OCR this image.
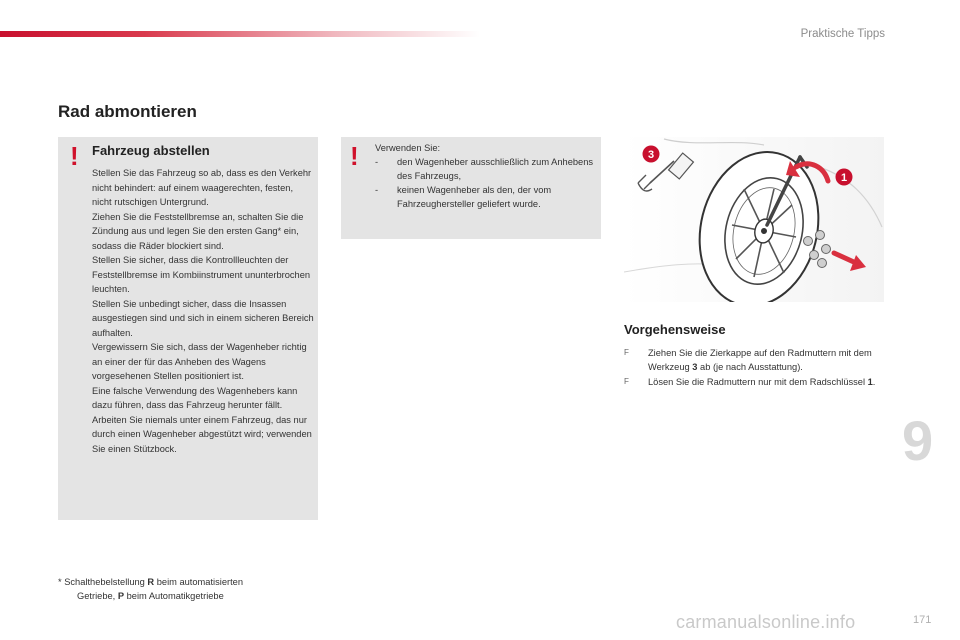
Praktische Tipps
Rad abmontieren
! Fahrzeug abstellen

Stellen Sie das Fahrzeug so ab, dass es den Verkehr nicht behindert: auf einem waagerechten, festen, nicht rutschigen Untergrund.

Ziehen Sie die Feststellbremse an, schalten Sie die Zündung aus und legen Sie den ersten Gang* ein, sodass die Räder blockiert sind.

Stellen Sie sicher, dass die Kontrollleuchten der Feststellbremse im Kombiinstrument ununterbrochen leuchten.

Stellen Sie unbedingt sicher, dass die Insassen ausgestiegen sind und sich in einem sicheren Bereich aufhalten.

Vergewissern Sie sich, dass der Wagenheber richtig an einer der für das Anheben des Wagens vorgesehenen Stellen positioniert ist.

Eine falsche Verwendung des Wagenhebers kann dazu führen, dass das Fahrzeug herunter fällt.

Arbeiten Sie niemals unter einem Fahrzeug, das nur durch einen Wagenheber abgestützt wird; verwenden Sie einen Stützbock.

! Verwenden Sie:
-	den Wagenheber ausschließlich zum Anhebens des Fahrzeugs,
-	keinen Wagenheber als den, der vom Fahrzeughersteller geliefert wurde.
3
1
Vorgehensweise
F	Ziehen Sie die Zierkappe auf den Radmuttern mit dem Werkzeug 3 ab (je nach Ausstattung).
F	Lösen Sie die Radmuttern nur mit dem Radschlüssel 1.
9
* Schalthebelstellung R beim automatisierten
Getriebe, P beim Automatikgetriebe
carmanualsonline.info	171
